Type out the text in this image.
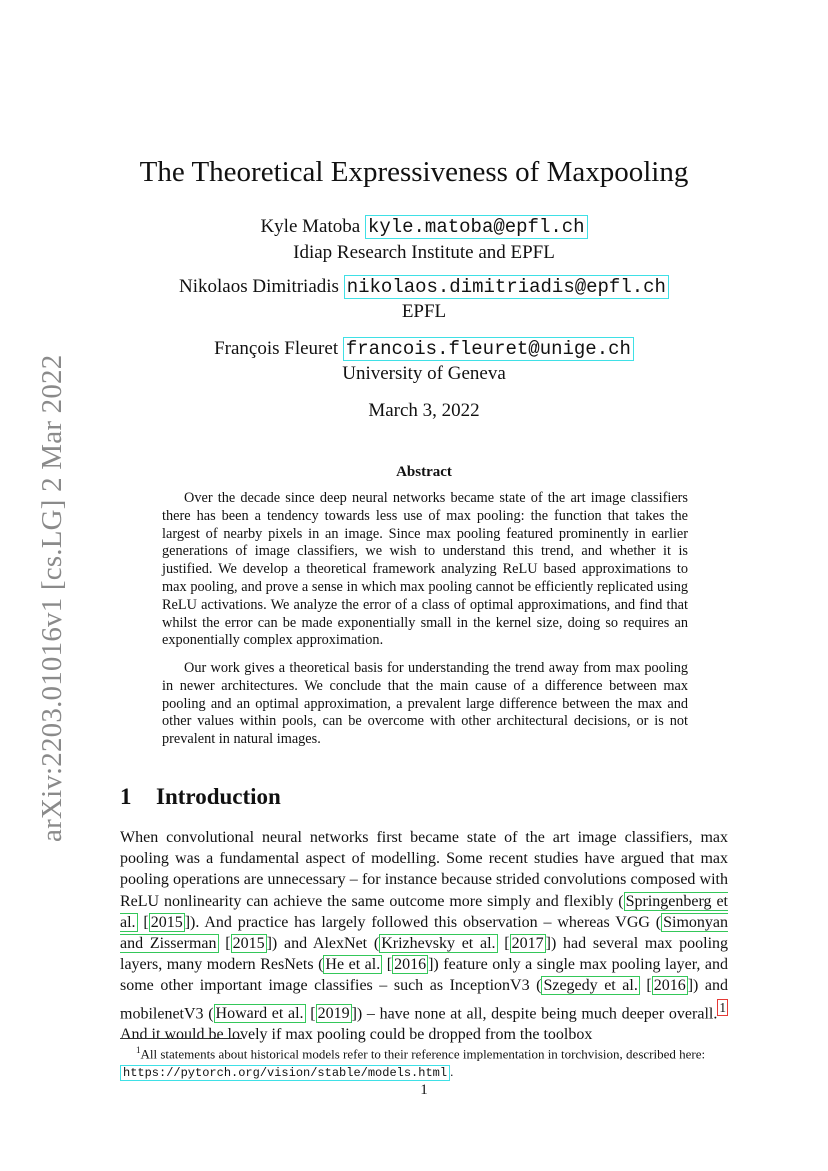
arXiv:2203.01016v1 [cs.LG] 2 Mar 2022
The Theoretical Expressiveness of Maxpooling
Kyle Matoba kyle.matoba@epfl.ch
Idiap Research Institute and EPFL
Nikolaos Dimitriadis nikolaos.dimitriadis@epfl.ch
EPFL
François Fleuret francois.fleuret@unige.ch
University of Geneva
March 3, 2022
Abstract

Over the decade since deep neural networks became state of the art image classifiers there has been a tendency towards less use of max pooling: the function that takes the largest of nearby pixels in an image. Since max pooling featured prominently in earlier generations of image classifiers, we wish to understand this trend, and whether it is justified. We develop a theoretical framework analyzing ReLU based approximations to max pooling, and prove a sense in which max pooling cannot be efficiently replicated using ReLU activations. We analyze the error of a class of optimal approximations, and find that whilst the error can be made exponentially small in the kernel size, doing so requires an exponentially complex approximation.

Our work gives a theoretical basis for understanding the trend away from max pooling in newer architectures. We conclude that the main cause of a difference between max pooling and an optimal approximation, a prevalent large difference between the max and other values within pools, can be overcome with other architectural decisions, or is not prevalent in natural images.

1 Introduction

When convolutional neural networks first became state of the art image classifiers, max pooling was a fundamental aspect of modelling. Some recent studies have argued that max pooling operations are unnecessary – for instance because strided convolutions composed with ReLU nonlinearity can achieve the same outcome more simply and flexibly ( Springenberg et al. [ 2015 ]). And practice has largely followed this observation – whereas VGG ( Simonyan and Zisserman [ 2015 ]) and AlexNet ( Krizhevsky et al. [ 2017 ]) had several max pooling layers, many modern ResNets ( He et al. [ 2016 ]) feature only a single max pooling layer, and some other important image classifies – such as InceptionV3 ( Szegedy et al. [ 2016 ]) and mobilenetV3 ( Howard et al. [ 2019 ]) – have none at all, despite being much deeper overall. $^1$ And it would be lovely if max pooling could be dropped from the toolbox

$^1$All statements about historical models refer to their reference implementation in torchvision, described here: https://pytorch.org/vision/stable/models.html .

1
